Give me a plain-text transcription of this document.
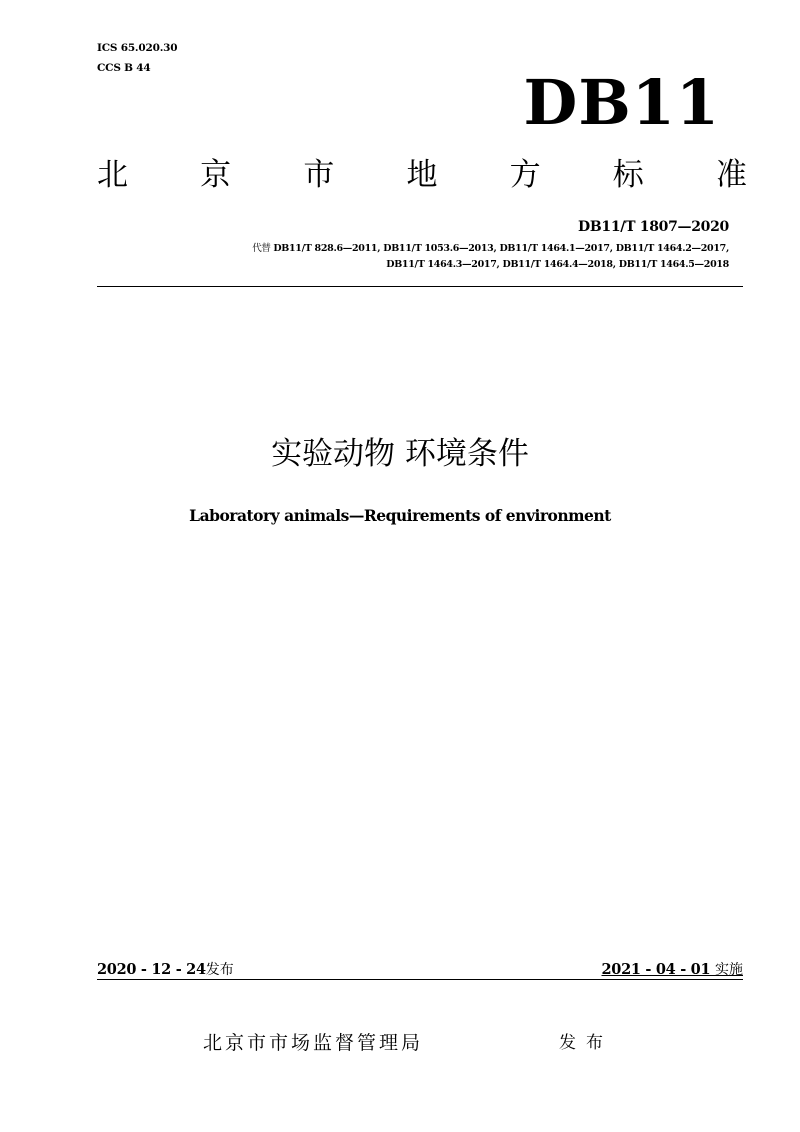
ICS 65.020.30
CCS B 44	DB11
北 京 市 地 方 标 准
DB11/T 1807—2020
代替 DB11/T 828.6—2011, DB11/T 1053.6—2013, DB11/T 1464.1—2017, DB11/T 1464.2—2017,
DB11/T 1464.3—2017, DB11/T 1464.4—2018, DB11/T 1464.5—2018
实验动物 环境条件
Laboratory animals—Requirements of environment
2020 - 12 - 24发布	2021 - 04 - 01 实施
北京市市场监督管理局	发布
